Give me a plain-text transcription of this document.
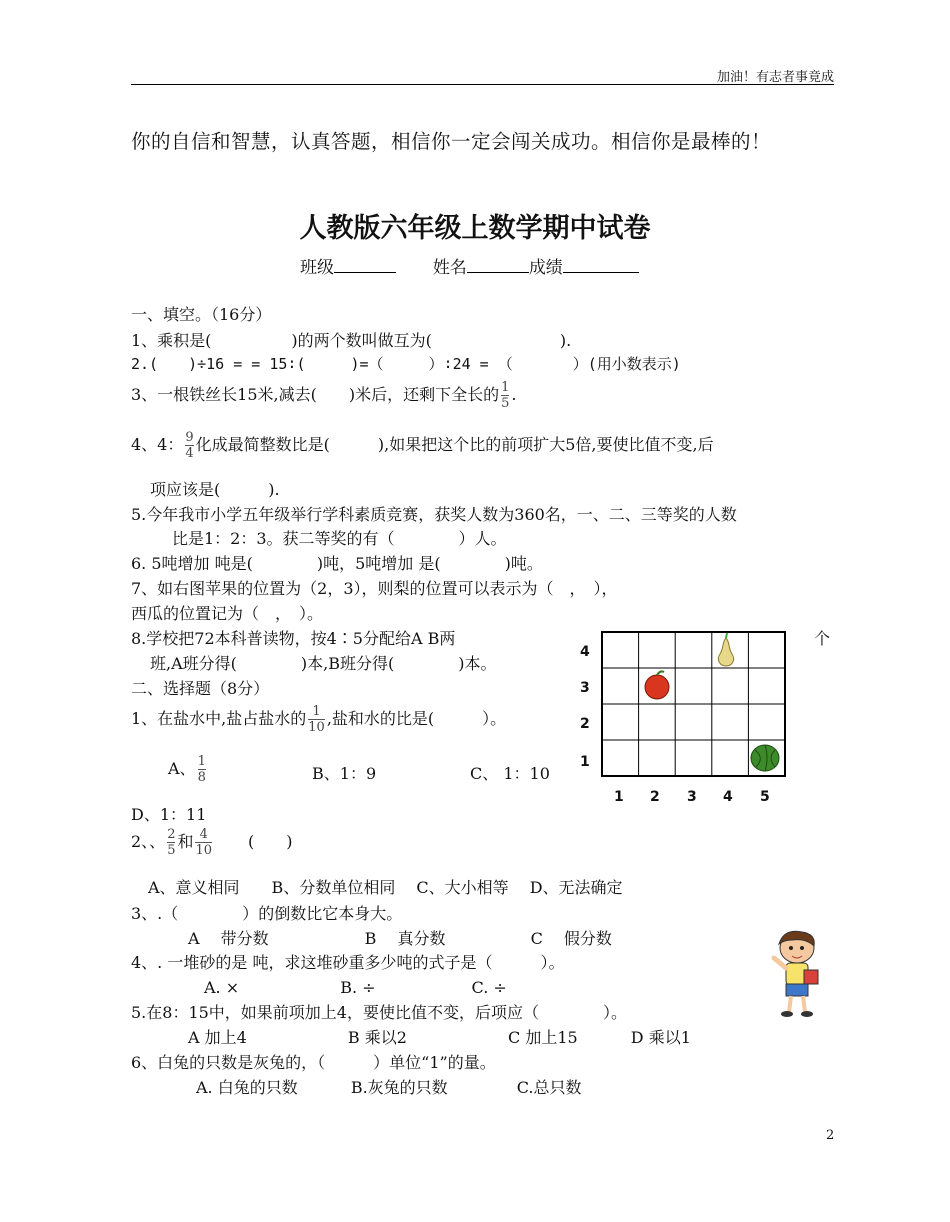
加油！有志者事竟成
你的自信和智慧，认真答题，相信你一定会闯关成功。相信你是最棒的！
人教版六年级上数学期中试卷
班级	姓名	成绩
一、填空。（16分）
1、乘积是(　　　　　)的两个数叫做互为(　　　　　　　　).
2.(　　)÷16 = = 15∶(　　　)=（　　　）∶24 = （　　　　）(用小数表示)
3、一根铁丝长15米,减去(　　)米后，还剩下全长的 $\frac{1}{5}$ .
4、4： $\frac{9}{4}$ 化成最简整数比是(　　　),如果把这个比的前项扩大5倍,要使比值不变,后
项应该是(　　　).
5.今年我市小学五年级举行学科素质竞赛，获奖人数为360名，一、二、三等奖的人数
比是1：2：3。获二等奖的有（　　　　）人。
6. 5吨增加 吨是(　　　　)吨，5吨增加 是(　　　　)吨。
7、如右图苹果的位置为（2，3），则梨的位置可以表示为（　，　），
西瓜的位置记为（　，　）。
8.学校把72本科普读物，按4∶5分配给A B两	个
班,A班分得(　　　　)本,B班分得(　　　　)本。
二、选择题（8分）
1、在盐水中,盐占盐水的 $\frac{1}{10}$ ,盐和水的比是(　　　）。
A、 $\frac{1}{8}$	B、1：9	C、 1：10
D、1：11
2、、 $\frac{2}{5}$ 和 $\frac{4}{10}$ (　　)
A、意义相同　　B、分数单位相同　 C、大小相等　 D、无法确定
3、.（　　　　）的倒数比它本身大。
A　 带分数　　　　　　B　 真分数　　　　　 C　 假分数
4、. 一堆砂的是 吨，求这堆砂重多少吨的式子是（　　　）。
A. ×　　　　　　 B. ÷　　　　　　C. ÷
5.在8：15中，如果前项加上4，要使比值不变，后项应（　　　　）。
A 加上4　　　　　　 B 乘以2　　　　　　 C 加上15　　　 D 乘以1
6、白兔的只数是灰兔的，（　　　）单位“1”的量。
A. 白兔的只数　　　 B.灰兔的只数　　　　 C.总只数
4
3
2
1
1 2 3 4 5
2
